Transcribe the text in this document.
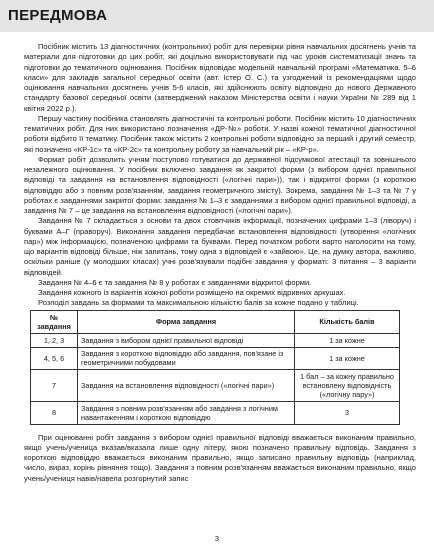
ПЕРЕДМОВА

Посібник містить 13 діагностичних (контрольних) робіт для перевірки рівня навчальних досягнень учнів та матеріали для підготовки до цих робіт, які доцільно використовувати під час уроків систематизації знань та підготовки до тематичного оцінювання. Посібник відповідає модельній навчальній програмі «Математика. 5–6 класи» для закладів загальної середньої освіти (авт. Істер О. С.) та узгоджений із рекомендаціями щодо оцінювання навчальних досягнень учнів 5-6 класів, які здійснюють освіту відповідно до нового Державного стандарту базової середньої освіти (затверджений наказом Міністерства освіти і науки України № 289 від 1 квітня 2022 р.).

Першу частину посібника становлять діагностичні та контрольні роботи. Посібник містить 10 діагностичних тематичних робіт. Для них використано позначення «ДР-№» роботи. У назві кожної тематичної діагностичної роботи відбито її тематику. Посібник також містить 2 контрольні роботи відповідно за перший і другий семестр, які позначено «КР-1с» та «КР-2с» та контрольну роботу за навчальний рік – «КР-р».

Формат робіт дозволить учням поступово готуватися до державної підсумкової атестації та зовнішнього незалежного оцінювання. У посібник включено завдання як закритої форми (з вибором однієї правильної відповіді та завдання на встановлення відповідності («логічні пари»)), так і відкритої форми (з короткою відповіддю або з повним розв'язанням, завдання геометричного змісту). Зокрема, завдання № 1–3 та № 7 у роботах є завданнями закритої форми: завдання № 1–3 є завданнями з вибором однієї правильної відповіді, а завдання № 7 – це завдання на встановлення відповідності («логічні пари»).

Завдання № 7 складається з основи та двох стовпчиків інформації, позначених цифрами 1–3 (ліворуч) і буквами А–Г (праворуч). Виконання завдання передбачає встановлення відповідності (утворення «логічних пар») між інформацією, позначеною цифрами та буквами. Перед початком роботи варто наголосити на тому, що варіантів відповіді більше, ніж запитань, тому одна з відповідей є «зайвою». Це, на думку автора, важливо, оскільки раніше (у молодших класах) учні розв'язували подібні завдання у форматі: 3 питання – 3 варіанти відповідей.

Завдання № 4–6 є та завдання № 8 у роботах є завданнями відкритої форми.

Завдання кожного із варіантів кожної роботи розміщено на окремих відривних аркушах.

Розподіл завдань за формами та максимальною кількістю балів за кожне подано у таблиці.

№ завдання	Форма завдання	Кількість балів
1, 2, 3	Завдання з вибором однієї правильної відповіді	1 за кожне
4, 5, 6	Завдання з короткою відповіддю або завдання, пов'язане із геометричними побудовами	1 за кожне
7	Завдання на встановлення відповідності («логічні пари»)	1 бал – за кожну правильно встановлену відповідність («логічну пару»)
8	Завдання з повним розв'язанням або завдання з логічним навантаженням і короткою відповіддю	3

При оцінюванні робіт завдання з вибором однієї правильної відповіді вважається виконаним правильно, якщо учень/ученица вказав/вказала лише одну літеру, якою позначено правильну відповідь. Завдання з короткою відповіддю вважається виконаним правильно, якщо записано правильну відповідь (наприклад, число, вираз, корінь рівняння тощо). Завдання з повним розв'язанням вважається виконаним правильно, якщо учень/учениця навів/навела розгорнутий запис

3
